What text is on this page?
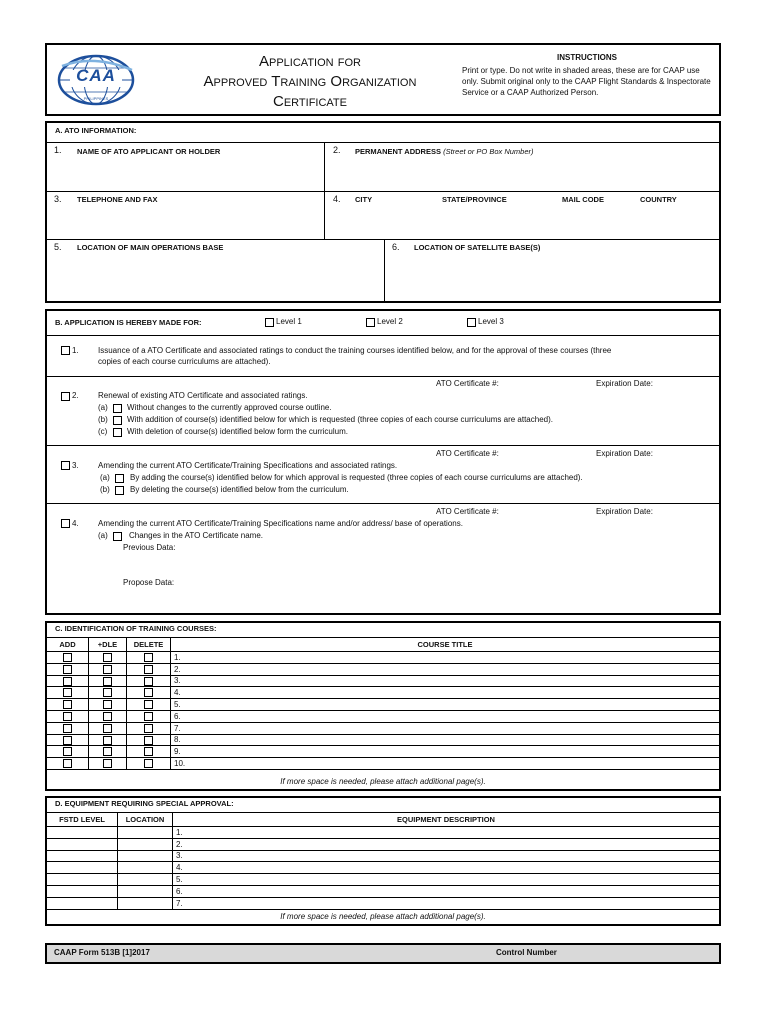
CAA
PHILIPPINES
Application for
Approved Training Organization
Certificate
INSTRUCTIONS
Print or type. Do not write in shaded areas, these are for CAAP use only. Submit original only to the CAAP Flight Standards & Inspectorate Service or a CAAP Authorized Person.
A. ATO INFORMATION:
1. NAME OF ATO APPLICANT OR HOLDER	2. PERMANENT ADDRESS (Street or PO Box Number)
3. TELEPHONE AND FAX	4. CITY	STATE/PROVINCE	MAIL CODE	COUNTRY
5. LOCATION OF MAIN OPERATIONS BASE	6. LOCATION OF SATELLITE BASE(S)
B. APPLICATION IS HEREBY MADE FOR:	Level 1	Level 2	Level 3
1. Issuance of a ATO Certificate and associated ratings to conduct the training courses identified below, and for the approval of these courses (three
copies of each course curriculums are attached).
ATO Certificate #:	Expiration Date:
2. Renewal of existing ATO Certificate and associated ratings.
(a) Without changes to the currently approved course outline.
(b) With addition of course(s) identified below for which is requested (three copies of each course curriculums are attached).
(c) With deletion of course(s) identified below form the curriculum.
ATO Certificate #:	Expiration Date:
3. Amending the current ATO Certificate/Training Specifications and associated ratings.
(a)	By adding the course(s) identified below for which approval is requested (three copies of each course curriculums are attached).
(b)	By deleting the course(s) identified below from the curriculum.
ATO Certificate #:	Expiration Date:
4. Amending the current ATO Certificate/Training Specifications name and/or address/ base of operations.
(a)	Changes in the ATO Certificate name.
Previous Data:
Propose Data:
C. IDENTIFICATION OF TRAINING COURSES:
ADD	+DLE	DELETE	COURSE TITLE
			1.
			2.
			3.
			4.
			5.
			6.
			7.
			8.
			9.
			10.
If more space is needed, please attach additional page(s).
D. EQUIPMENT REQUIRING SPECIAL APPROVAL:
FSTD LEVEL	LOCATION	EQUIPMENT DESCRIPTION
		1.
		2.
		3.
		4.
		5.
		6.
		7.
If more space is needed, please attach additional page(s).
CAAP Form 513B [1]2017	Control Number
